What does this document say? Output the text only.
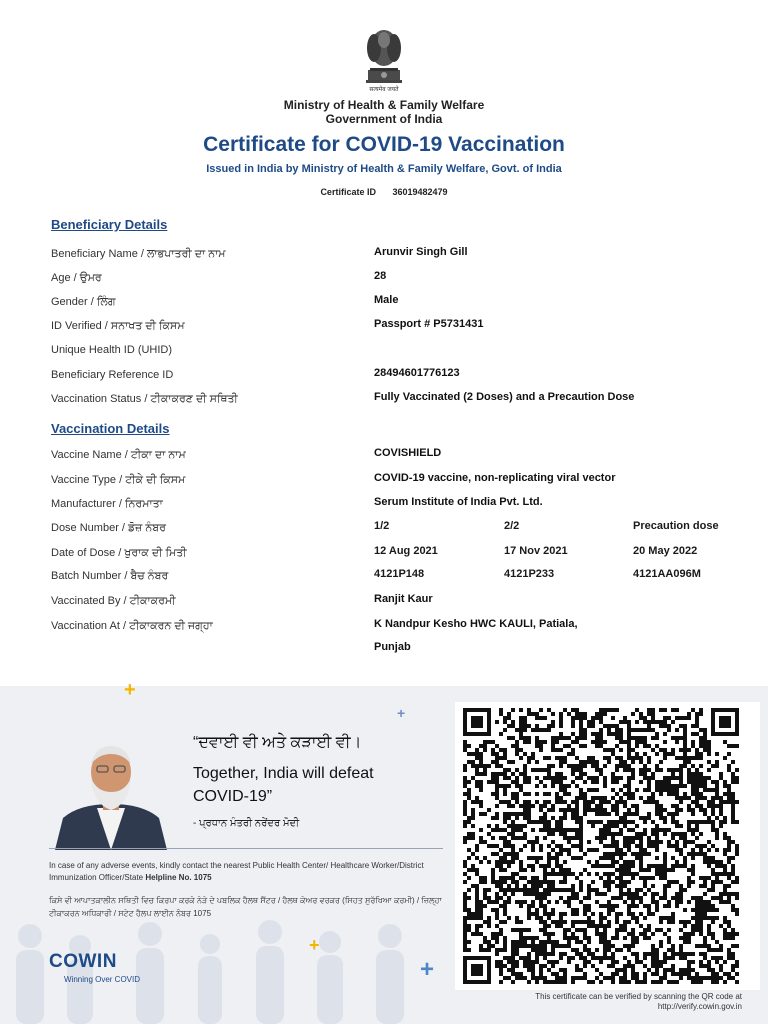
सत्यमेव जयते
Ministry of Health & Family Welfare
Government of India
Certificate for COVID-19 Vaccination
Issued in India by Ministry of Health & Family Welfare, Govt. of India
Certificate ID 36019482479
Beneficiary Details
Beneficiary Name / ਲਾਭਪਾਤਰੀ ਦਾ ਨਾਮ	Arunvir Singh Gill
Age / ਉਮਰ	28
Gender / ਲਿੰਗ	Male
ID Verified / ਸਨਾਖਤ ਦੀ ਕਿਸਮ	Passport # P5731431
Unique Health ID (UHID)
Beneficiary Reference ID	28494601776123
Vaccination Status / ਟੀਕਾਕਰਣ ਦੀ ਸਥਿਤੀ	Fully Vaccinated (2 Doses) and a Precaution Dose
Vaccination Details
Vaccine Name / ਟੀਕਾ ਦਾ ਨਾਮ	COVISHIELD
Vaccine Type / ਟੀਕੇ ਦੀ ਕਿਸਮ	COVID-19 vaccine, non-replicating viral vector
Manufacturer / ਨਿਰਮਾਤਾ	Serum Institute of India Pvt. Ltd.
Dose Number / ਡੋਜ਼ ਨੰਬਰ	1/2	2/2	Precaution dose
Date of Dose / ਖੁਰਾਕ ਦੀ ਮਿਤੀ	12 Aug 2021	17 Nov 2021	20 May 2022
Batch Number / ਬੈਚ ਨੰਬਰ	4121P148	4121P233	4121AA096M
Vaccinated By / ਟੀਕਾਕਰਮੀ	Ranjit Kaur
Vaccination At / ਟੀਕਾਕਰਨ ਦੀ ਜਗ੍ਹਾ	K Nandpur Kesho HWC KAULI, Patiala,
Punjab
+
+
+
+
“ਦਵਾਈ ਵੀ ਅਤੇ ਕੜਾਈ ਵੀ।
Together, India will defeat COVID-19”
- ਪ੍ਰਧਾਨ ਮੰਤਰੀ ਨਰੇਂਦਰ ਮੋਦੀ
In case of any adverse events, kindly contact the nearest Public Health Center/ Healthcare Worker/District Immunization Officer/State Helpline No. 1075
ਕਿਸੇ ਵੀ ਆਪਾਤਕਾਲੀਨ ਸਥਿਤੀ ਵਿਚ ਕਿਰਪਾ ਕਰਕੇ ਨੇੜੇ ਦੇ ਪਬਲਿਕ ਹੈਲਥ ਸੈਂਟਰ / ਹੈਲਥ ਕੇਅਰ ਵਰਕਰ (ਸਿਹਤ ਸੁਰੱਖਿਆ ਕਰਮੀ) / ਜ਼ਿਲ੍ਹਾ ਟੀਕਾਕਰਨ ਅਧਿਕਾਰੀ / ਸਟੇਟ ਹੈਲਪ ਲਾਈਨ ਨੰਬਰ 1075
COWIN
Winning Over COVID
This certificate can be verified by scanning the QR code at
http://verify.cowin.gov.in
